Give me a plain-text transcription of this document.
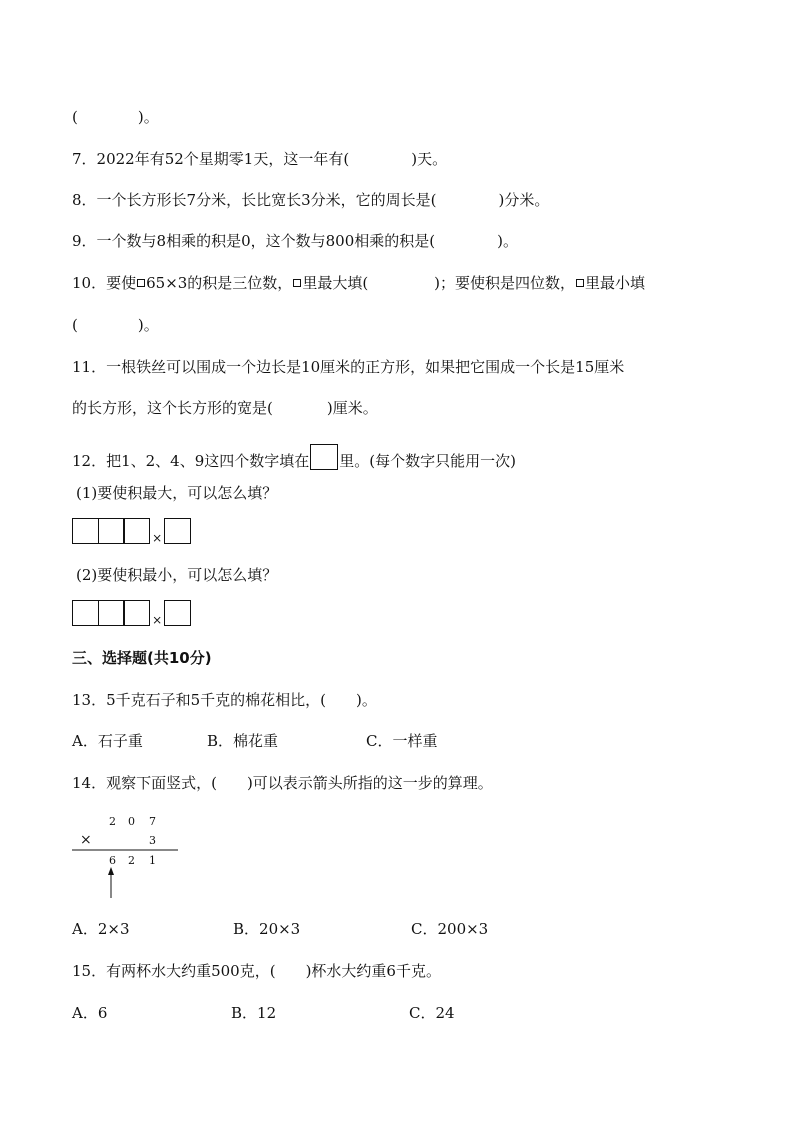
(　　　　)。
7．2022年有52个星期零1天，这一年有(	)天。
8．一个长方形长7分米，长比宽长3分米，它的周长是(	)分米。
9．一个数与8相乘的积是0，这个数与800相乘的积是(	)。
10．要使 65×3的积是三位数， 里最大填(	)；要使积是四位数， 里最小填
(　　　　)。
11．一根铁丝可以围成一个边长是10厘米的正方形，如果把它围成一个长是15厘米
的长方形，这个长方形的宽是(	)厘米。
12．把1、2、4、9这四个数字填在 里。(每个数字只能用一次)
(1)要使积最大，可以怎么填？
×
(2)要使积最小，可以怎么填？
×
三、选择题(共10分)
13．5千克石子和5千克的棉花相比，(　　)。
A．石子重	B．棉花重	C．一样重
14．观察下面竖式，(　　)可以表示箭头所指的这一步的算理。
2 0 7
×	3
6 2 1
A．2×3	B．20×3	C．200×3
15．有两杯水大约重500克，(　　)杯水大约重6千克。
A．6	B．12	C．24
